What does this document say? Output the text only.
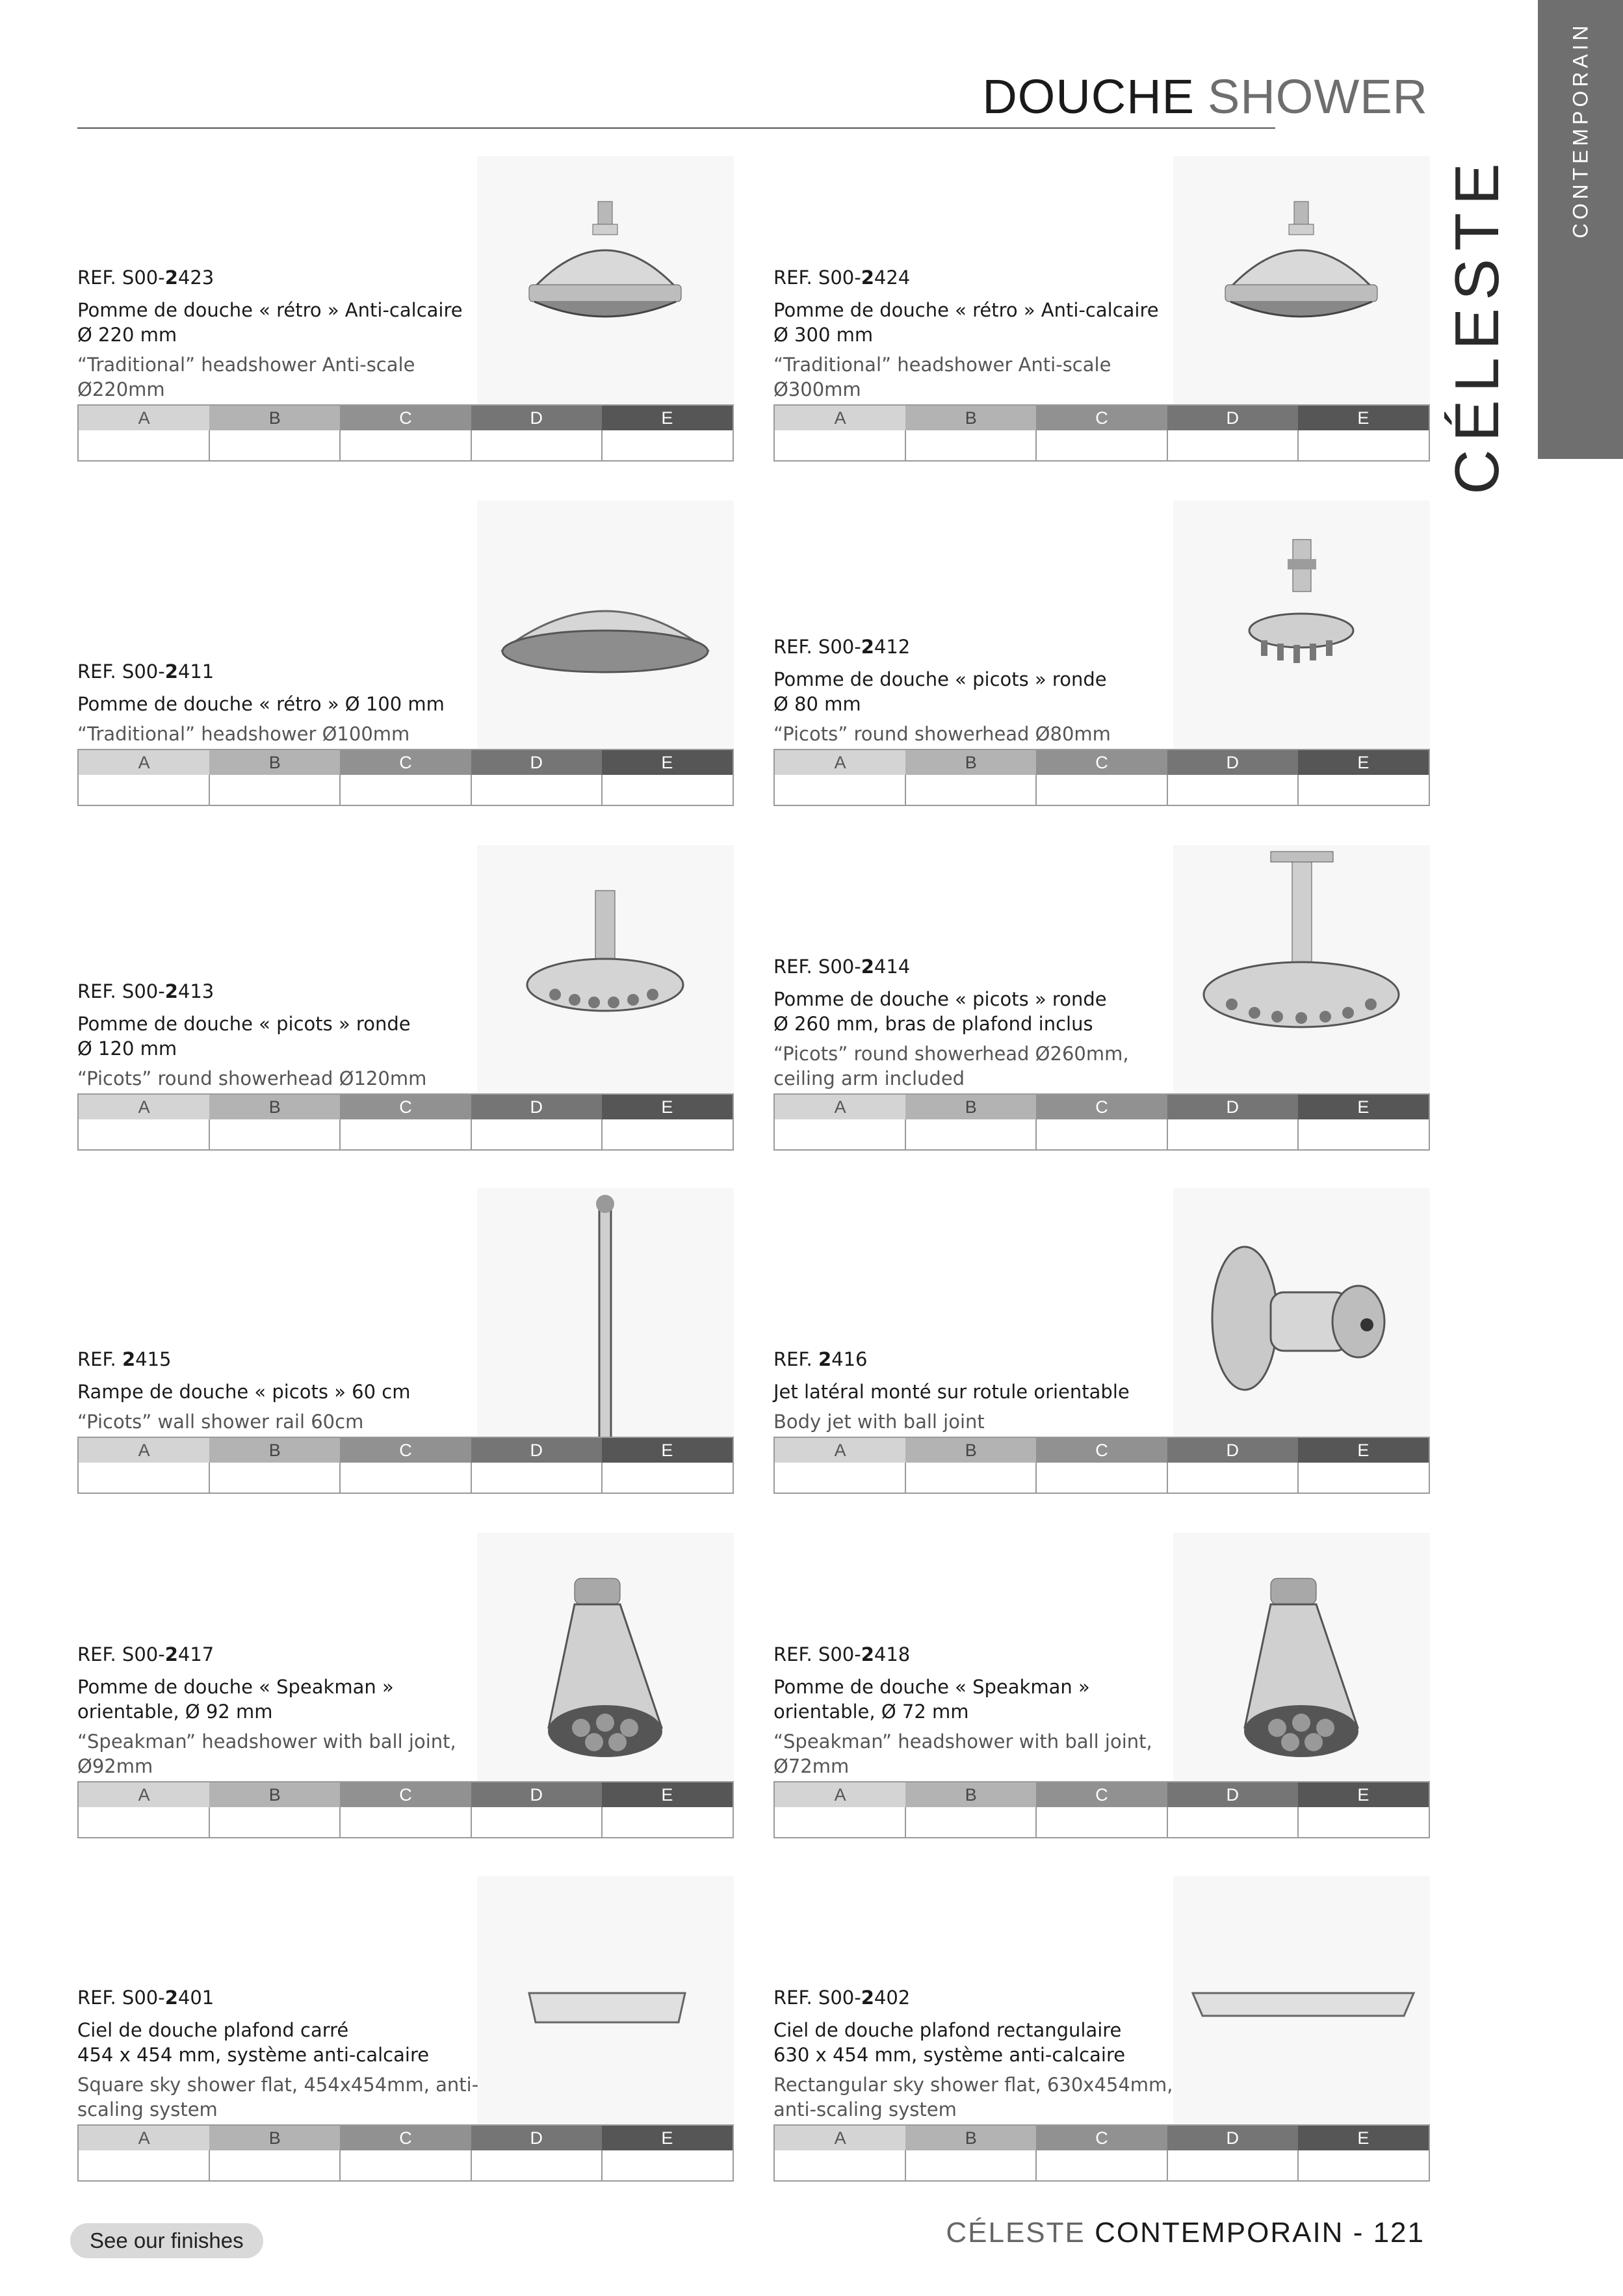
DOUCHE SHOWER	CONTEMPORAIN
CÉLESTE
REF. S00-2423
Pomme de douche « rétro » Anti-calcaire
Ø 220 mm
“Traditional” headshower Anti-scale
Ø220mm
A	B	C	D	E
REF. S00-2424
Pomme de douche « rétro » Anti-calcaire
Ø 300 mm
“Traditional” headshower Anti-scale
Ø300mm
A	B	C	D	E
REF. S00-2411
Pomme de douche « rétro » Ø 100 mm
“Traditional” headshower Ø100mm
A	B	C	D	E
REF. S00-2412
Pomme de douche « picots » ronde
Ø 80 mm
“Picots” round showerhead Ø80mm
A	B	C	D	E
REF. S00-2413
Pomme de douche « picots » ronde
Ø 120 mm
“Picots” round showerhead Ø120mm
A	B	C	D	E
REF. S00-2414
Pomme de douche « picots » ronde
Ø 260 mm, bras de plafond inclus
“Picots” round showerhead Ø260mm,
ceiling arm included
A	B	C	D	E
REF. 2415
Rampe de douche « picots » 60 cm
“Picots” wall shower rail 60cm
A	B	C	D	E
REF. 2416
Jet latéral monté sur rotule orientable
Body jet with ball joint
A	B	C	D	E
REF. S00-2417
Pomme de douche « Speakman »
orientable, Ø 92 mm
“Speakman” headshower with ball joint,
Ø92mm
A	B	C	D	E
REF. S00-2418
Pomme de douche « Speakman »
orientable, Ø 72 mm
“Speakman” headshower with ball joint,
Ø72mm
A	B	C	D	E
REF. S00-2401
Ciel de douche plafond carré
454 x 454 mm, système anti-calcaire
Square sky shower flat, 454x454mm, anti-
scaling system
A	B	C	D	E
REF. S00-2402
Ciel de douche plafond rectangulaire
630 x 454 mm, système anti-calcaire
Rectangular sky shower flat, 630x454mm,
anti-scaling system
A	B	C	D	E
See our finishes	CÉLESTE CONTEMPORAIN - 121
